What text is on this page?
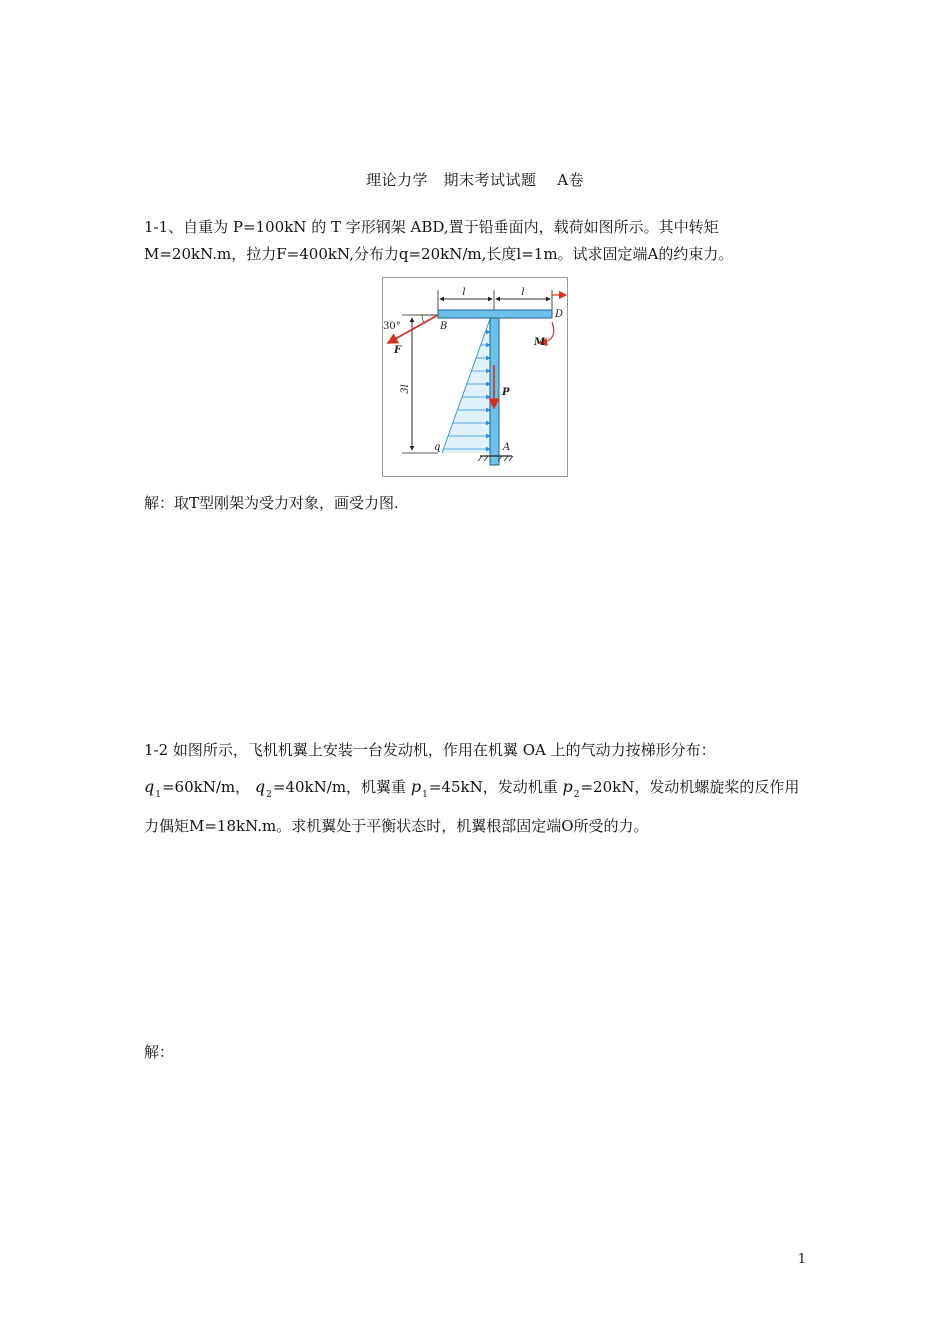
理论力学　期末考试试题　 A卷
1-1、自重为 P=100kN 的 T 字形钢架 ABD,置于铅垂面内，载荷如图所示。其中转矩
M=20kN.m，拉力F=400kN,分布力q=20kN/m,长度l=1m。试求固定端A的约束力。
l	l
3l
q
B
D
A
30°
F
M
P
解：取T型刚架为受力对象，画受力图.
1-2 如图所示，飞机机翼上安装一台发动机，作用在机翼 OA 上的气动力按梯形分布：
$q_1=60kN/m$， $q_2=40kN/m$，机翼重 $p_1=45kN$，发动机重 $p_2=20kN$，发动机螺旋桨的反作用
力偶矩M=18kN.m。求机翼处于平衡状态时，机翼根部固定端O所受的力。
解：
1
